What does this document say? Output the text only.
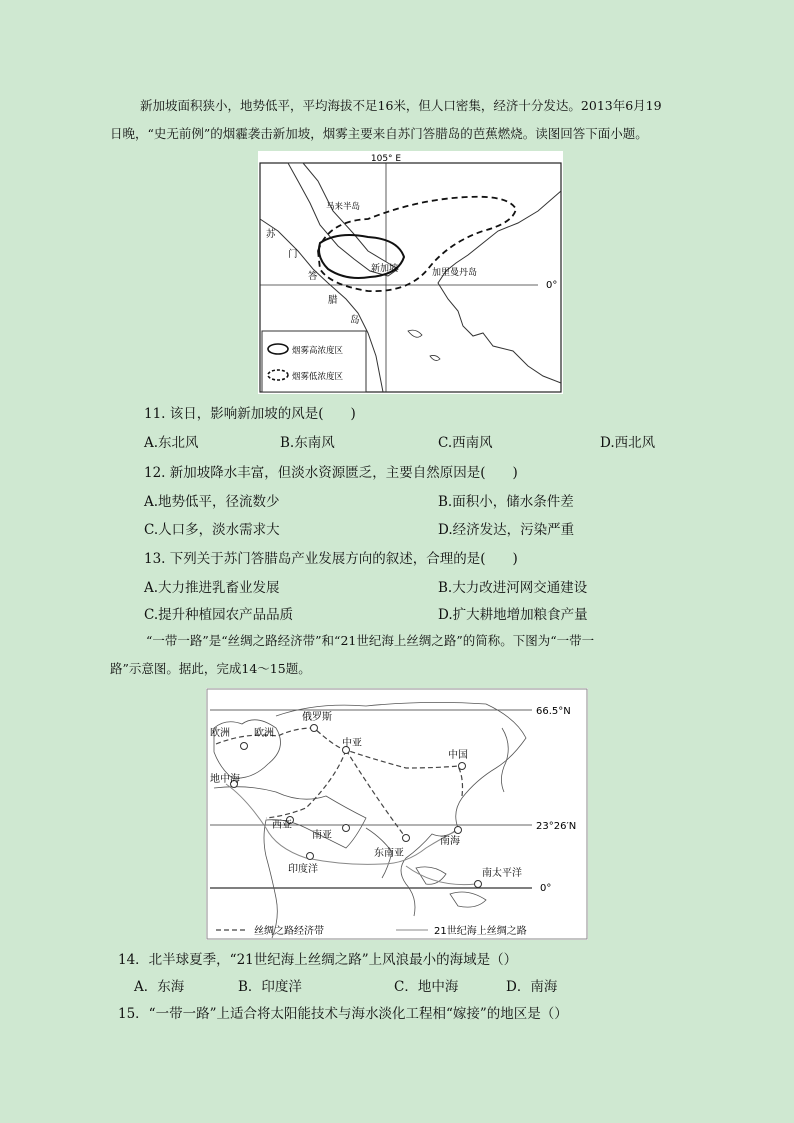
新加坡面积狭小，地势低平，平均海拔不足16米，但人口密集，经济十分发达。2013年6月19
日晚，“史无前例”的烟霾袭击新加坡，烟雾主要来自苏门答腊岛的芭蕉燃烧。读图回答下面小题。
105° E
0°
马来半岛
苏
门
答
腊
岛
新加坡	加里曼丹岛
烟雾高浓度区
烟雾低浓度区
11. 该日，影响新加坡的风是(　　)
A.东北风	B.东南风	C.西南风	D.西北风
12. 新加坡降水丰富，但淡水资源匮乏，主要自然原因是(　　)
A.地势低平，径流数少	B.面积小，储水条件差
C.人口多，淡水需求大	D.经济发达，污染严重
13. 下列关于苏门答腊岛产业发展方向的叙述，合理的是(　　)
A.大力推进乳畜业发展	B.大力改进河网交通建设
C.提升种植园农产品品质	D.扩大耕地增加粮食产量
“一带一路”是“丝绸之路经济带”和“21世纪海上丝绸之路”的简称。下图为“一带一
路”示意图。据此，完成14～15题。
66.5°N
23°26′N
0°
欧洲 欧洲
俄罗斯
中亚
中国
地中海
西亚
南亚
东南亚
南海
印度洋	南太平洋
丝绸之路经济带	21世纪海上丝绸之路
14．北半球夏季，“21世纪海上丝绸之路”上风浪最小的海域是（）
A．东海	B．印度洋	C．地中海	D．南海
15．“一带一路”上适合将太阳能技术与海水淡化工程相“嫁接”的地区是（）
